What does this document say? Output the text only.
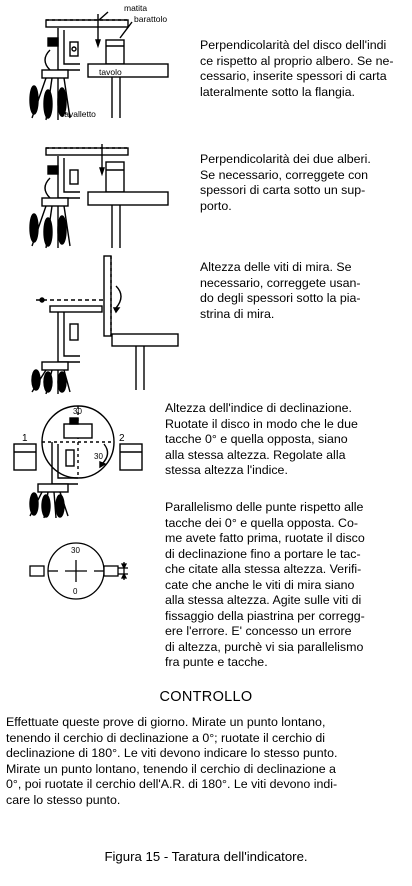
matita
barattolo
tavolo
cavalletto
Perpendicolarità del disco dell'indi
ce rispetto al proprio albero. Se ne-
cessario, inserite spessori di carta
lateralmente sotto la flangia.
Perpendicolarità dei due alberi.
Se necessario, correggete con
spessori di carta sotto un sup-
porto.
Altezza delle viti di mira. Se
necessario, correggete usan-
do degli spessori sotto la pia-
strina di mira.
30
30
1	2
Altezza dell'indice di declinazione.
Ruotate il disco in modo che le due
tacche 0° e quella opposta, siano
alla stessa altezza. Regolate alla
stessa altezza l'indice.
30
0
Parallelismo delle punte rispetto alle
tacche dei 0° e quella opposta. Co-
me avete fatto prima, ruotate il disco
di declinazione fino a portare le tac-
che citate alla stessa altezza. Verifi-
cate che anche le viti di mira siano
alla stessa altezza. Agite sulle viti di
fissaggio della piastrina per corregg-
ere l'errore. E' concesso un errore
di altezza, purchè vi sia parallelismo
fra punte e tacche.
CONTROLLO
Effettuate queste prove di giorno. Mirate un punto lontano,
tenendo il cerchio di declinazione a 0°; ruotate il cerchio di
declinazione di 180°. Le viti devono indicare lo stesso punto.
Mirate un punto lontano, tenendo il cerchio di declinazione a
0°, poi ruotate il cerchio dell'A.R. di 180°. Le viti devono indi-
care lo stesso punto.
Figura 15 - Taratura dell'indicatore.
